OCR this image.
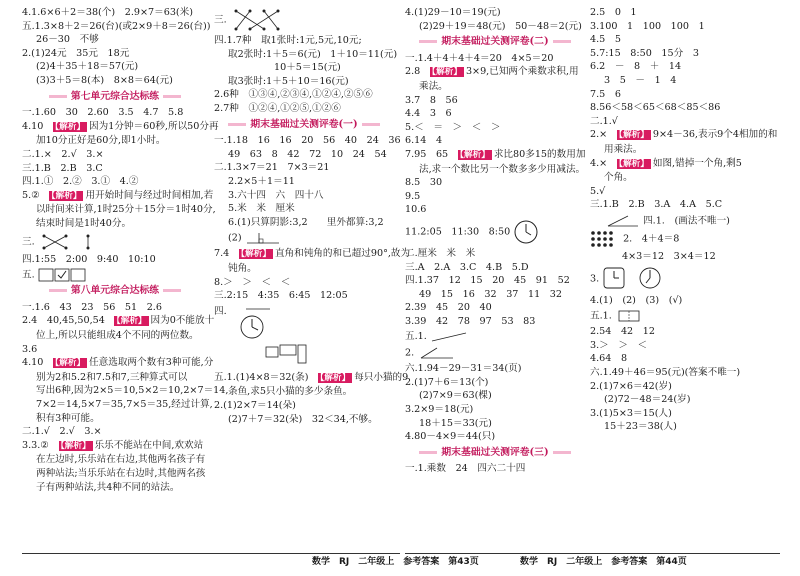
4.1.6×6＋2＝38(个)　2.9×7＝63(米)
五.1.3×8＋2＝26(台)(或2×9＋8＝26(台))
26－30　不够
2.(1)24元　35元　18元
(2)4＋35＋18＝57(元)
(3)3＋5＝8(本)　8×8＝64(元)
第七单元综合达标练
一.1.60　30　2.60　3.5　4.7　5.8
4.10　【解析】 因为1分钟＝60秒,所以50分再
加10分正好是60分,即1小时。
二.1.×　2.√　3.×
三.1.B　2.B　3.C
四.1.①　2.②　3.①　4.②
5.②　【解析】 用开始时间与经过时间相加,若
以时间来计算,1时25分＋15分＝1时40分,
结束时间是1时40分。
三.
四.1:55　2:00　9:40　10:10
五.
第八单元综合达标练
一.1.6　43　23　56　51　2.6
2.4　40,45,50,54　【解析】 因为0不能放十
位上,所以只能组成4个不同的两位数。
3.6
4.10　【解析】 任意选取两个数有3种可能,分
别为2和5.2和7.5和7,三种算式可以
写出6种,因为2×5＝10,5×2＝10,2×7＝14,
7×2＝14,5×7＝35,7×5＝35,经过计算,
积有3种可能。
二.1.√　2.√　3.×
3.3.②　【解析】 乐乐不能站在中间,欢欢站
在左边时,乐乐站在右边,其他两名孩子有
两种站法;当乐乐站在右边时,其他两名孩
子有两种站法,共4种不同的站法。
三.
四.1.7种　取1张时:1元,5元,10元;
取2张时:1＋5＝6(元)　1＋10＝11(元)
10＋5＝15(元)
取3张时:1＋5＋10＝16(元)
2.6种　①③④,②③④,①②④,②⑤⑥
2.7种　①②④,①②⑤,①②⑥
期末基础过关测评卷(一)
一.1.18　16　16　20　56　40　24　36
49　63　8　42　72　10　24　54
二.1.3×7＝21　7×3＝21
2.2×5＋1＝11
3.六十四　六　四十八
5.米　米　厘米
6.(1)只算阴影:3,2　　里外都算:3,2
(2)
7.4　【解析】 直角和钝角的和已超过90°,故为
钝角。
8.＞　＞　＜　＜
三.2:15　4:35　6:45　12:05
四.
五.1.(1)4×8＝32(条)　【解析】 每只小猫的9
条鱼,求5只小猫的多少条鱼。
2.(1)2×7＝14(朵)
(2)7＋7＝32(朵)　32＜34,不够。
4.(1)29－10＝19(元)
(2)29＋19＝48(元)　50－48＝2(元)
期末基础过关测评卷(二)
一.1.4＋4＋4＋4＝20　4×5＝20
2.8　【解析】 3×9,已知两个乘数求积,用
乘法。
3.7　8　56
4.4　3　6
5.＜　＝　＞　＜　＞
6.14　4
7.95　65　【解析】 求比80多15的数用加
法,求一个数比另一个数多多少用减法。
8.5　30
9.5
10.6
11.2:05　11:30　8:50
二.厘米　米　米
三.A　2.A　3.C　4.B　5.D
四.1.37　12　15　20　45　91　52
49　15　16　32　37　11　32
2.39　45　20　40
3.39　42　78　97　53　83
五.1.
2.
六.1.94－29－31＝34(页)
2.(1)7＋6＝13(个)
(2)7×9＝63(棵)
3.2×9＝18(元)
18＋15＝33(元)
4.80－4×9＝44(只)
期末基础过关测评卷(三)
一.1.乘数　24　四六二十四
2.5　0　1
3.100　1　100　100　1
4.5　5
5.7:15　8:50　15分　3
6.2　－　8　＋　14
3　5　－　1　4
7.5　6
8.56＜58＜65＜68＜85＜86
二.1.√
2.×　【解析】 9×4－36,表示9个4相加的和
用乘法。
4.×　【解析】 如图,错掉一个角,剩5
个角。
5.√
三.1.B　2.B　3.A　4.A　5.C
四.1.　(画法不唯一)
2.　4＋4＝8
4×3＝12　3×4＝12
3.
4.(1)　(2)　(3)　(√)
五.1.
2.54　42　12
3.＞　＞　＜
4.64　8
六.1.49＋46＝95(元)(答案不唯一)
2.(1)7×6＝42(岁)
(2)72－48＝24(岁)
3.(1)5×3＝15(人)
15＋23＝38(人)
数学　RJ　二年级上　参考答案　第43页	数学　RJ　二年级上　参考答案　第44页
